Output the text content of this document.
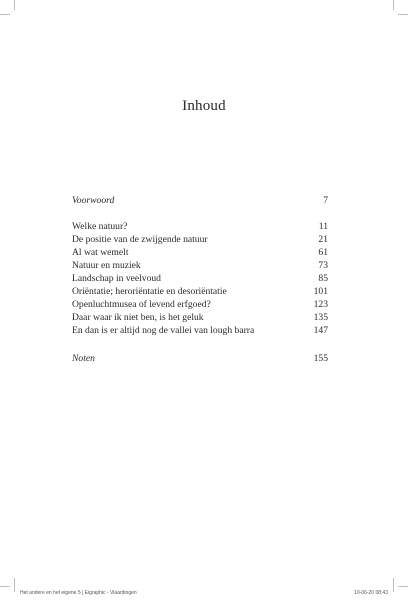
Inhoud
Voorwoord	7
Welke natuur?	11
De positie van de zwijgende natuur	21
Al wat wemelt	61
Natuur en muziek	73
Landschap in veelvoud	85
Oriëntatie; heroriëntatie en desoriëntatie	101
Openluchtmusea of levend erfgoed?	123
Daar waar ik niet ben, is het geluk	135
En dan is er altijd nog de vallei van lough barra	147
Noten	155
Het andere en het eigene 5 | Eigraphic - Vlaardingen	10-06-20 08:43
